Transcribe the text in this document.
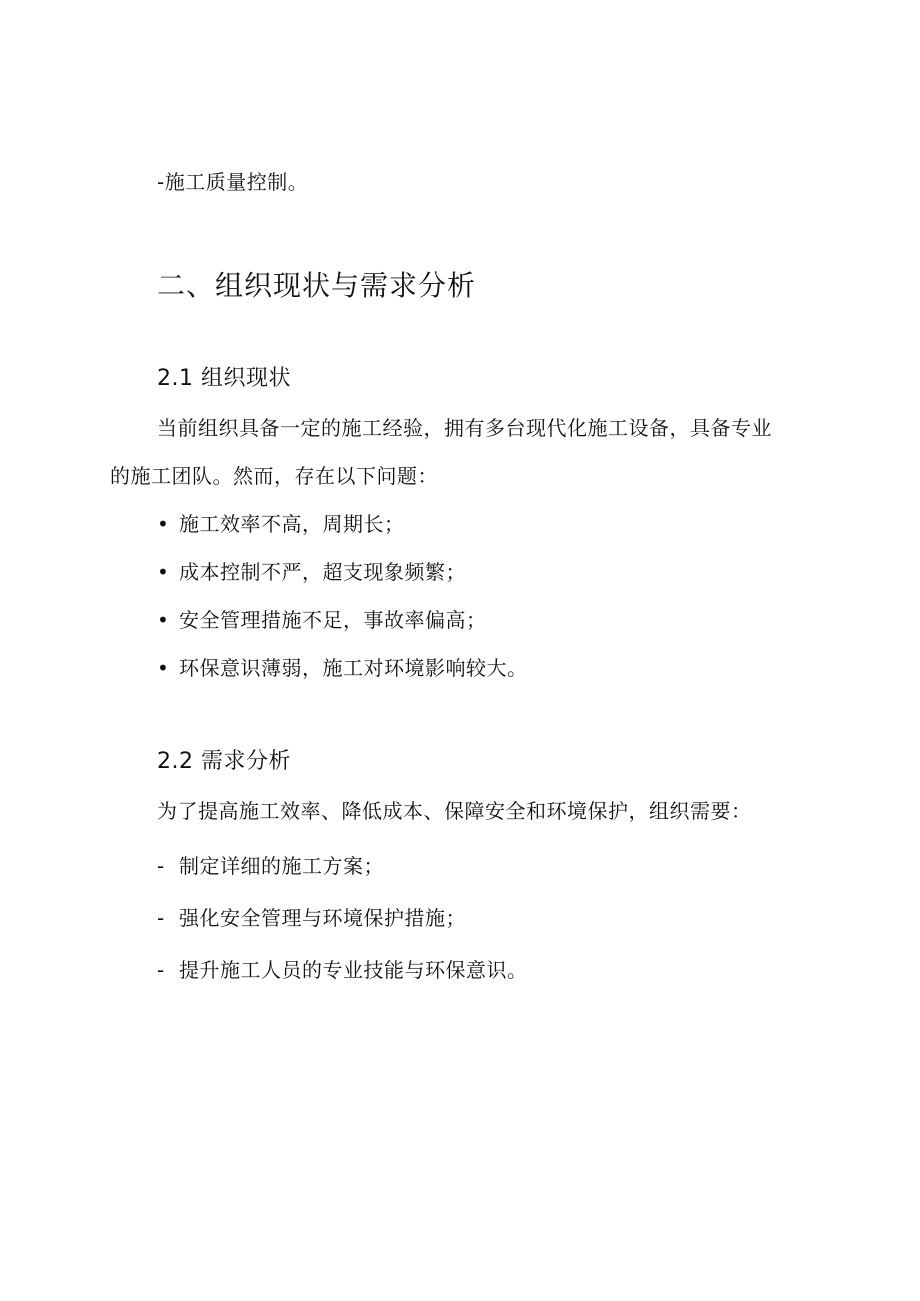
-施工质量控制。
二、组织现状与需求分析
2.1 组织现状
当前组织具备一定的施工经验，拥有多台现代化施工设备，具备专业
的施工团队。然而，存在以下问题：
• 施工效率不高，周期长；
• 成本控制不严，超支现象频繁；
• 安全管理措施不足，事故率偏高；
• 环保意识薄弱，施工对环境影响较大。
2.2 需求分析
为了提高施工效率、降低成本、保障安全和环境保护，组织需要：
- 制定详细的施工方案；
- 强化安全管理与环境保护措施；
- 提升施工人员的专业技能与环保意识。
